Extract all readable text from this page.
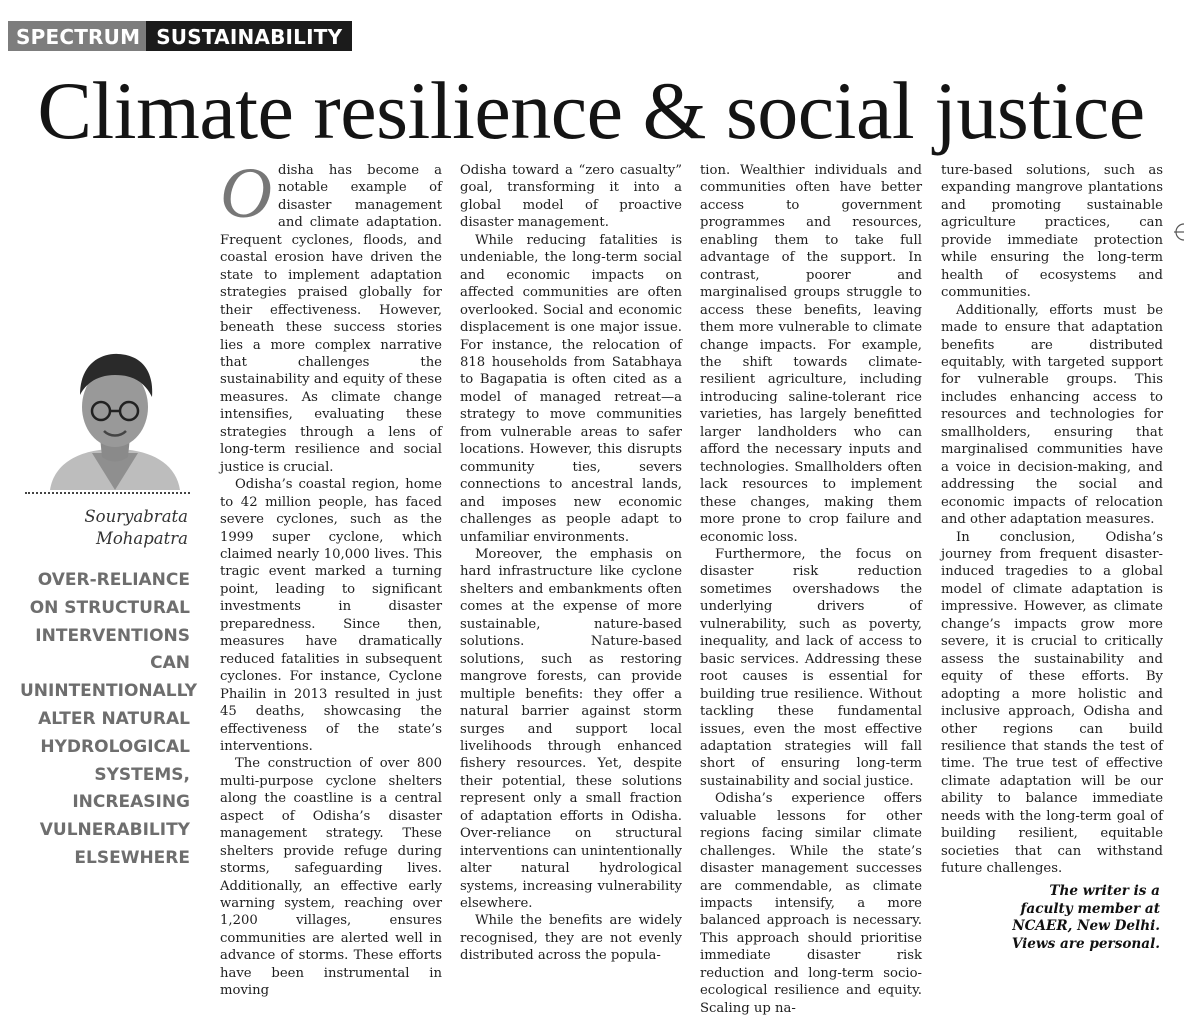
SPECTRUM SUSTAINABILITY
Climate resilience & social justice
Souryabrata
Mohapatra

OVER-RELIANCE ON STRUCTURAL INTERVENTIONS CAN UNINTENTIONALLY ALTER NATURAL HYDROLOGICAL SYSTEMS, INCREASING VULNERABILITY ELSEWHERE

Odisha has become a notable example of disaster management and climate adaptation. Frequent cyclones, floods, and coastal erosion have driven the state to implement adaptation strategies praised globally for their effectiveness. However, beneath these success stories lies a more complex narrative that challenges the sustainability and equity of these measures. As climate change intensifies, evaluating these strategies through a lens of long-term resilience and social justice is crucial.

Odisha’s coastal region, home to 42 million people, has faced severe cyclones, such as the 1999 super cyclone, which claimed nearly 10,000 lives. This tragic event marked a turning point, leading to significant investments in disaster preparedness. Since then, measures have dramatically reduced fatalities in subsequent cyclones. For instance, Cyclone Phailin in 2013 resulted in just 45 deaths, showcasing the effectiveness of the state’s interventions.

The construction of over 800 multi-purpose cyclone shelters along the coastline is a central aspect of Odisha’s disaster management strategy. These shelters provide refuge during storms, safeguarding lives. Additionally, an effective early warning system, reaching over 1,200 villages, ensures communities are alerted well in advance of storms. These efforts have been instrumental in moving

Odisha toward a “zero casualty” goal, transforming it into a global model of proactive disaster management.

While reducing fatalities is undeniable, the long-term social and economic impacts on affected communities are often overlooked. Social and economic displacement is one major issue. For instance, the relocation of 818 households from Satabhaya to Bagapatia is often cited as a model of managed retreat—a strategy to move communities from vulnerable areas to safer locations. However, this disrupts community ties, severs connections to ancestral lands, and imposes new economic challenges as people adapt to unfamiliar environments.

Moreover, the emphasis on hard infrastructure like cyclone shelters and embankments often comes at the expense of more sustainable, nature-based solutions. Nature-based solutions, such as restoring mangrove forests, can provide multiple benefits: they offer a natural barrier against storm surges and support local livelihoods through enhanced fishery resources. Yet, despite their potential, these solutions represent only a small fraction of adaptation efforts in Odisha. Over-reliance on structural interventions can unintentionally alter natural hydrological systems, increasing vulnerability elsewhere.

While the benefits are widely recognised, they are not evenly distributed across the popula-

tion. Wealthier individuals and communities often have better access to government programmes and resources, enabling them to take full advantage of the support. In contrast, poorer and marginalised groups struggle to access these benefits, leaving them more vulnerable to climate change impacts. For example, the shift towards climate-resilient agriculture, including introducing saline-tolerant rice varieties, has largely benefitted larger landholders who can afford the necessary inputs and technologies. Smallholders often lack resources to implement these changes, making them more prone to crop failure and economic loss.

Furthermore, the focus on disaster risk reduction sometimes overshadows the underlying drivers of vulnerability, such as poverty, inequality, and lack of access to basic services. Addressing these root causes is essential for building true resilience. Without tackling these fundamental issues, even the most effective adaptation strategies will fall short of ensuring long-term sustainability and social justice.

Odisha’s experience offers valuable lessons for other regions facing similar climate challenges. While the state’s disaster management successes are commendable, as climate impacts intensify, a more balanced approach is necessary. This approach should prioritise immediate disaster risk reduction and long-term socio-ecological resilience and equity. Scaling up na-

ture-based solutions, such as expanding mangrove plantations and promoting sustainable agriculture practices, can provide immediate protection while ensuring the long-term health of ecosystems and communities.

Additionally, efforts must be made to ensure that adaptation benefits are distributed equitably, with targeted support for vulnerable groups. This includes enhancing access to resources and technologies for smallholders, ensuring that marginalised communities have a voice in decision-making, and addressing the social and economic impacts of relocation and other adaptation measures.

In conclusion, Odisha’s journey from frequent disaster-induced tragedies to a global model of climate adaptation is impressive. However, as climate change’s impacts grow more severe, it is crucial to critically assess the sustainability and equity of these efforts. By adopting a more holistic and inclusive approach, Odisha and other regions can build resilience that stands the test of time. The true test of effective climate adaptation will be our ability to balance immediate needs with the long-term goal of building resilient, equitable societies that can withstand future challenges.

The writer is a
faculty member at
NCAER, New Delhi.
Views are personal.
